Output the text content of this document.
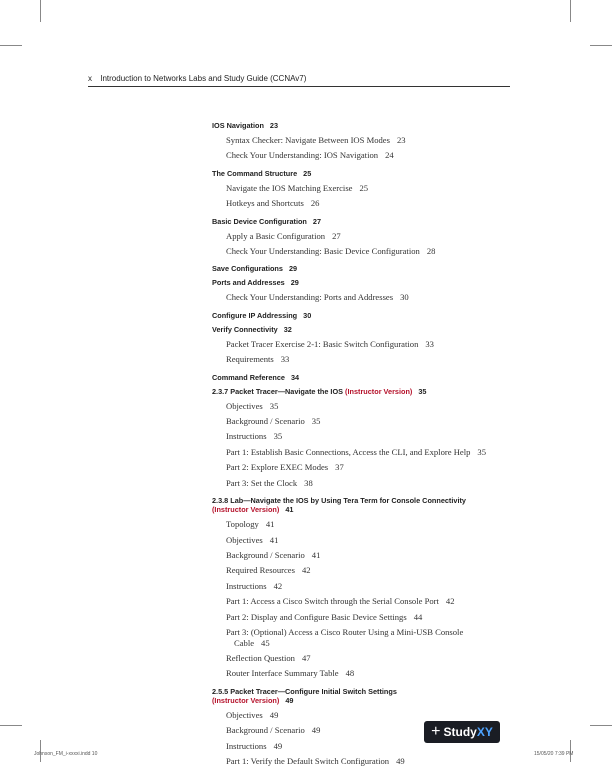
x Introduction to Networks Labs and Study Guide (CCNAv7)
IOS Navigation 23
Syntax Checker: Navigate Between IOS Modes 23
Check Your Understanding: IOS Navigation 24
The Command Structure 25
Navigate the IOS Matching Exercise 25
Hotkeys and Shortcuts 26
Basic Device Configuration 27
Apply a Basic Configuration 27
Check Your Understanding: Basic Device Configuration 28
Save Configurations 29
Ports and Addresses 29
Check Your Understanding: Ports and Addresses 30
Configure IP Addressing 30
Verify Connectivity 32
Packet Tracer Exercise 2-1: Basic Switch Configuration 33
Requirements 33
Command Reference 34
2.3.7 Packet Tracer—Navigate the IOS (Instructor Version) 35
Objectives 35
Background / Scenario 35
Instructions 35
Part 1: Establish Basic Connections, Access the CLI, and Explore Help 35
Part 2: Explore EXEC Modes 37
Part 3: Set the Clock 38
2.3.8 Lab—Navigate the IOS by Using Tera Term for Console Connectivity
(Instructor Version) 41
Topology 41
Objectives 41
Background / Scenario 41
Required Resources 42
Instructions 42
Part 1: Access a Cisco Switch through the Serial Console Port 42
Part 2: Display and Configure Basic Device Settings 44
Part 3: (Optional) Access a Cisco Router Using a Mini-USB Console
Cable 45
Reflection Question 47
Router Interface Summary Table 48
2.5.5 Packet Tracer—Configure Initial Switch Settings
(Instructor Version) 49
Objectives 49
Background / Scenario 49
Instructions 49
Part 1: Verify the Default Switch Configuration 49
+ Study XY
Johnson_FM_i-xxxxi.indd 10	15/05/20 7:39 PM
